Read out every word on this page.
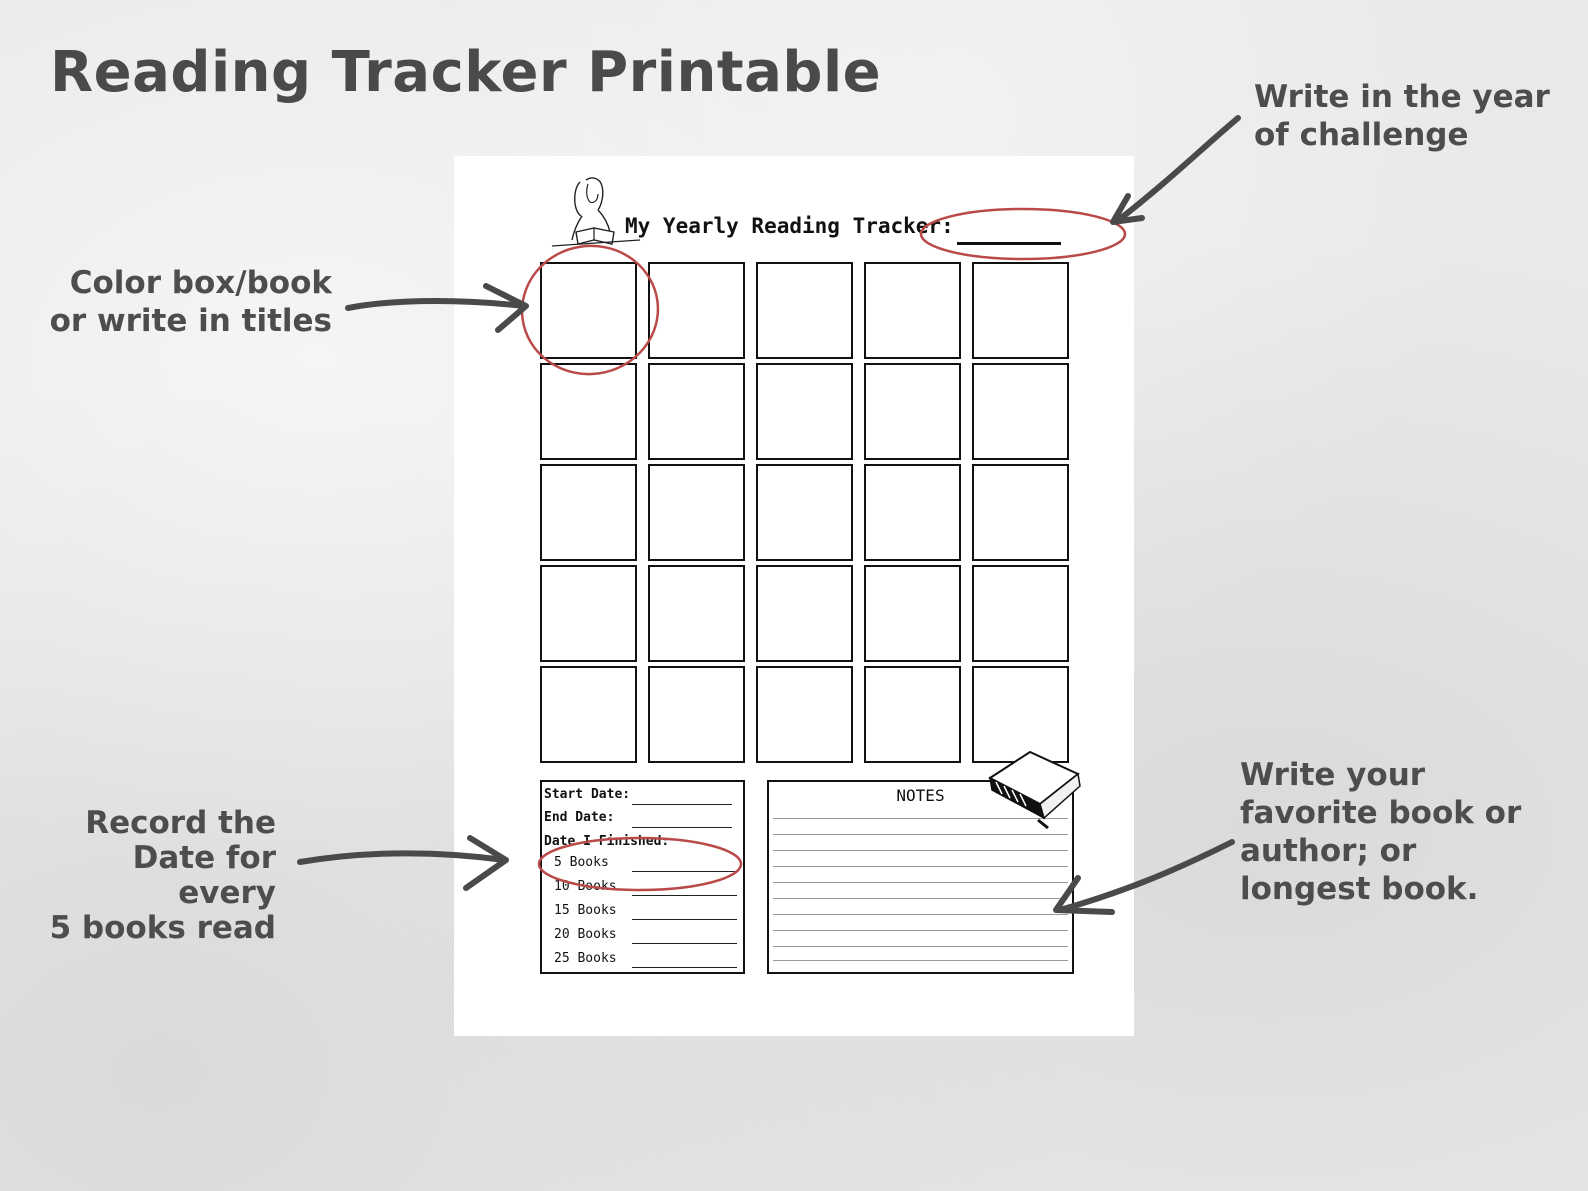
Reading Tracker Printable	Write in the year
of challenge
Color box/book
or write in titles
Record the
Date for every
5 books read
Write your
favorite book or
author; or
longest book.
My Yearly Reading Tracker:
Start Date:
End Date:
Date I Finished:
5 Books
10 Books
15 Books
20 Books
25 Books
NOTES
